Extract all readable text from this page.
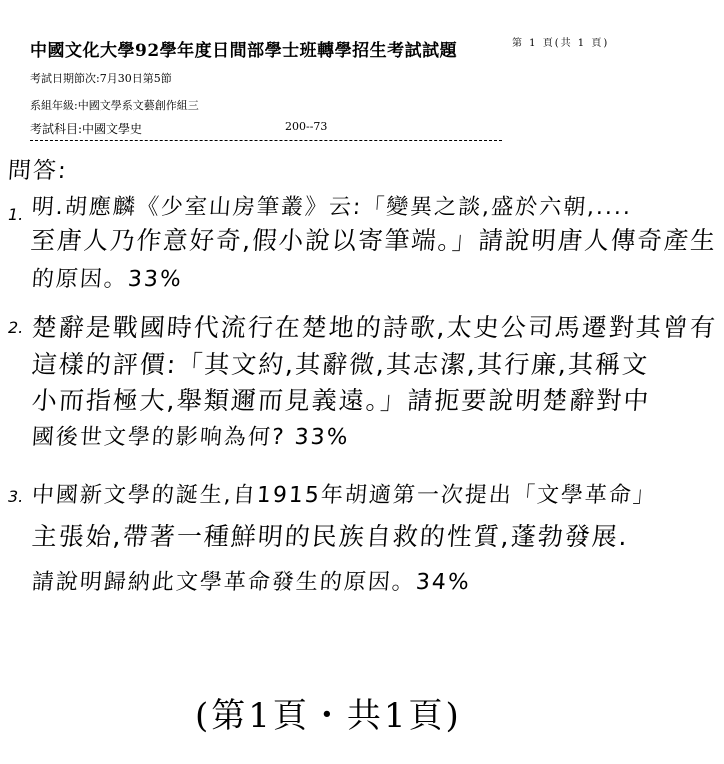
中國文化大學92學年度日間部學士班轉學招生考試試題	第 1 頁(共 1 頁)
考試日期節次:7月30日第5節
系組年級:中國文學系文藝創作組三
考試科目:中國文學史	200--73
問答:
1. 明.胡應麟《少室山房筆叢》云:「變異之談,盛於六朝,....
至唐人乃作意好奇,假小說以寄筆端。」請說明唐人傳奇產生
的原因。33%
2. 楚辭是戰國時代流行在楚地的詩歌,太史公司馬遷對其曾有
這樣的評價:「其文約,其辭微,其志潔,其行廉,其稱文
小而指極大,舉類邇而見義遠。」請扼要說明楚辭對中
國後世文學的影响為何? 33%
3. 中國新文學的誕生,自1915年胡適第一次提出「文學革命」
主張始,帶著一種鮮明的民族自救的性質,蓬勃發展.
請說明歸納此文學革命發生的原因。34%
(第1頁・共1頁)
